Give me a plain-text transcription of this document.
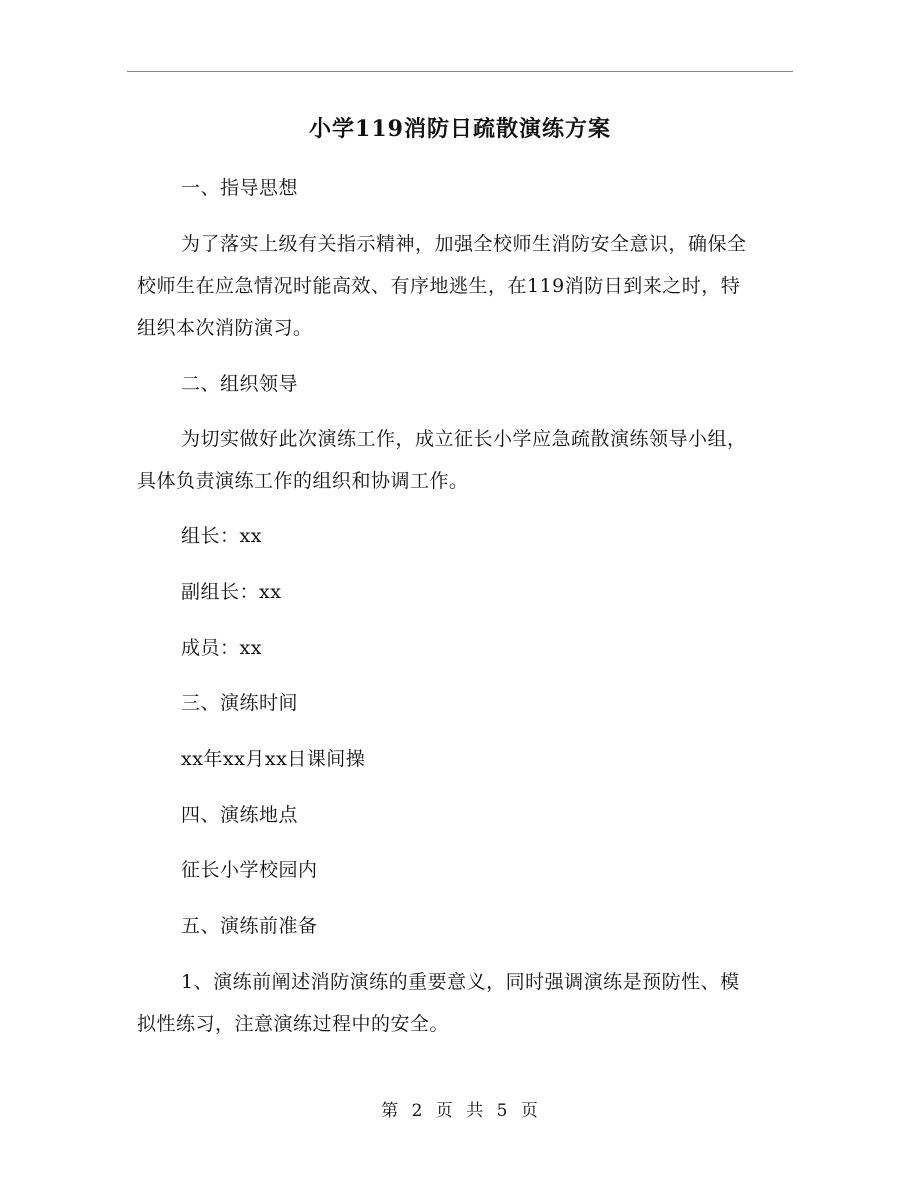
小学119消防日疏散演练方案
一、指导思想
为了落实上级有关指示精神，加强全校师生消防安全意识，确保全
校师生在应急情况时能高效、有序地逃生，在119消防日到来之时，特
组织本次消防演习。
二、组织领导
为切实做好此次演练工作，成立征长小学应急疏散演练领导小组，
具体负责演练工作的组织和协调工作。
组长：xx
副组长：xx
成员：xx
三、演练时间
xx年xx月xx日课间操
四、演练地点
征长小学校园内
五、演练前准备
1、演练前阐述消防演练的重要意义，同时强调演练是预防性、模
拟性练习，注意演练过程中的安全。
第 2 页 共 5 页
